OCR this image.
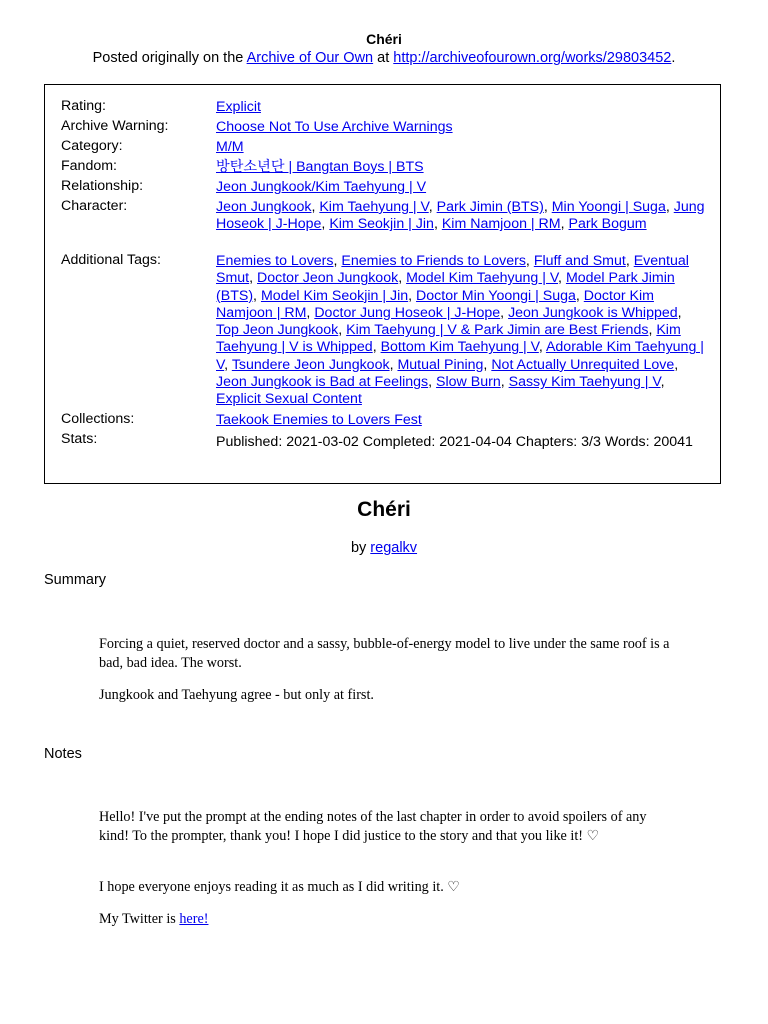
Chéri
Posted originally on the Archive of Our Own at http://archiveofourown.org/works/29803452.
Rating:	Explicit
Archive Warning:	Choose Not To Use Archive Warnings
Category:	M/M
Fandom:	방탄소년단 | Bangtan Boys | BTS
Relationship:	Jeon Jungkook/Kim Taehyung | V
Character:	Jeon Jungkook, Kim Taehyung | V, Park Jimin (BTS), Min Yoongi | Suga, Jung Hoseok | J-Hope, Kim Seokjin | Jin, Kim Namjoon | RM, Park Bogum
Additional Tags:	Enemies to Lovers, Enemies to Friends to Lovers, Fluff and Smut, Eventual Smut, Doctor Jeon Jungkook, Model Kim Taehyung | V, Model Park Jimin (BTS), Model Kim Seokjin | Jin, Doctor Min Yoongi | Suga, Doctor Kim Namjoon | RM, Doctor Jung Hoseok | J-Hope, Jeon Jungkook is Whipped, Top Jeon Jungkook, Kim Taehyung | V & Park Jimin are Best Friends, Kim Taehyung | V is Whipped, Bottom Kim Taehyung | V, Adorable Kim Taehyung | V, Tsundere Jeon Jungkook, Mutual Pining, Not Actually Unrequited Love, Jeon Jungkook is Bad at Feelings, Slow Burn, Sassy Kim Taehyung | V, Explicit Sexual Content
Collections:	Taekook Enemies to Lovers Fest
Stats:	Published: 2021-03-02 Completed: 2021-04-04 Chapters: 3/3 Words: 20041
Chéri
by regalkv
Summary
Forcing a quiet, reserved doctor and a sassy, bubble-of-energy model to live under the same roof is a bad, bad idea. The worst.
Jungkook and Taehyung agree - but only at first.
Notes
Hello! I've put the prompt at the ending notes of the last chapter in order to avoid spoilers of any kind! To the prompter, thank you! I hope I did justice to the story and that you like it! ♡
I hope everyone enjoys reading it as much as I did writing it. ♡
My Twitter is here!
